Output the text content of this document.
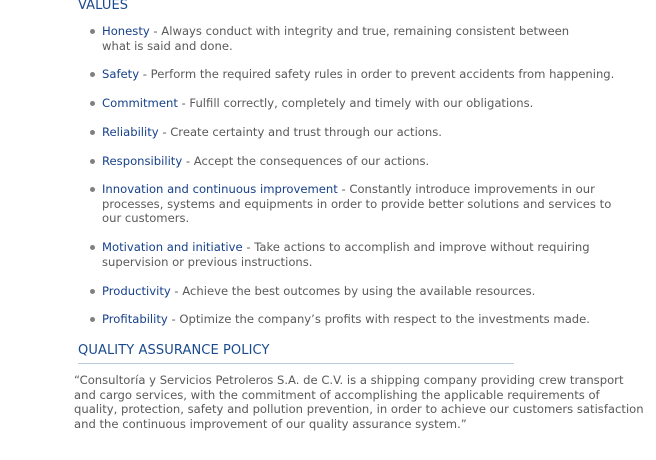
VALUES
Honesty - Always conduct with integrity and true, remaining consistent between what is said and done.
Safety - Perform the required safety rules in order to prevent accidents from happening.
Commitment - Fulfill correctly, completely and timely with our obligations.
Reliability - Create certainty and trust through our actions.
Responsibility - Accept the consequences of our actions.
Innovation and continuous improvement - Constantly introduce improvements in our processes, systems and equipments in order to provide better solutions and services to our customers.
Motivation and initiative - Take actions to accomplish and improve without requiring supervision or previous instructions.
Productivity - Achieve the best outcomes by using the available resources.
Profitability - Optimize the company’s profits with respect to the investments made.
QUALITY ASSURANCE POLICY

“Consultoría y Servicios Petroleros S.A. de C.V. is a shipping company providing crew transport and cargo services, with the commitment of accomplishing the applicable requirements of quality, protection, safety and pollution prevention, in order to achieve our customers satisfaction and the continuous improvement of our quality assurance system.”
